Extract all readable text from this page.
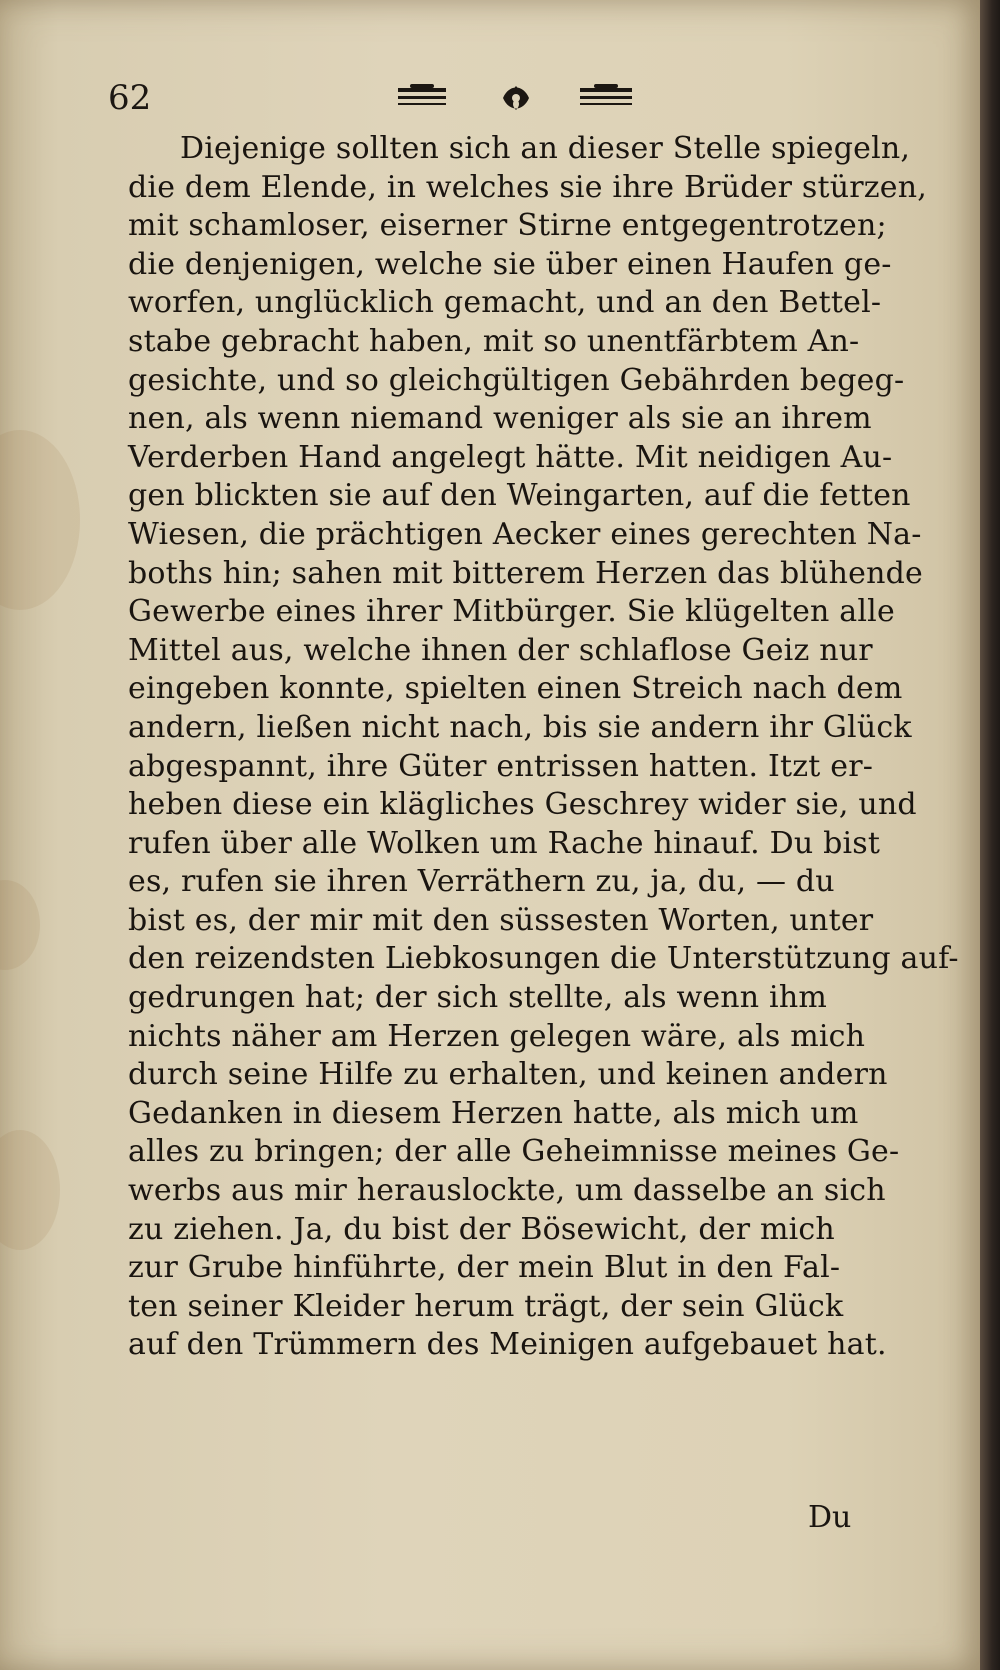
62
Diejenige sollten sich an dieser Stelle spiegeln,
die dem Elende, in welches sie ihre Brüder stürzen,
mit schamloser, eiserner Stirne entgegentrotzen;
die denjenigen, welche sie über einen Haufen ge-
worfen, unglücklich gemacht, und an den Bettel-
stabe gebracht haben, mit so unentfärbtem An-
gesichte, und so gleichgültigen Gebährden begeg-
nen, als wenn niemand weniger als sie an ihrem
Verderben Hand angelegt hätte. Mit neidigen Au-
gen blickten sie auf den Weingarten, auf die fetten
Wiesen, die prächtigen Aecker eines gerechten Na-
boths hin; sahen mit bitterem Herzen das blühende
Gewerbe eines ihrer Mitbürger. Sie klügelten alle
Mittel aus, welche ihnen der schlaflose Geiz nur
eingeben konnte, spielten einen Streich nach dem
andern, ließen nicht nach, bis sie andern ihr Glück
abgespannt, ihre Güter entrissen hatten. Itzt er-
heben diese ein klägliches Geschrey wider sie, und
rufen über alle Wolken um Rache hinauf. Du bist
es, rufen sie ihren Verräthern zu, ja, du, — du
bist es, der mir mit den süssesten Worten, unter
den reizendsten Liebkosungen die Unterstützung auf-
gedrungen hat; der sich stellte, als wenn ihm
nichts näher am Herzen gelegen wäre, als mich
durch seine Hilfe zu erhalten, und keinen andern
Gedanken in diesem Herzen hatte, als mich um
alles zu bringen; der alle Geheimnisse meines Ge-
werbs aus mir herauslockte, um dasselbe an sich
zu ziehen. Ja, du bist der Bösewicht, der mich
zur Grube hinführte, der mein Blut in den Fal-
ten seiner Kleider herum trägt, der sein Glück
auf den Trümmern des Meinigen aufgebauet hat.
Du
